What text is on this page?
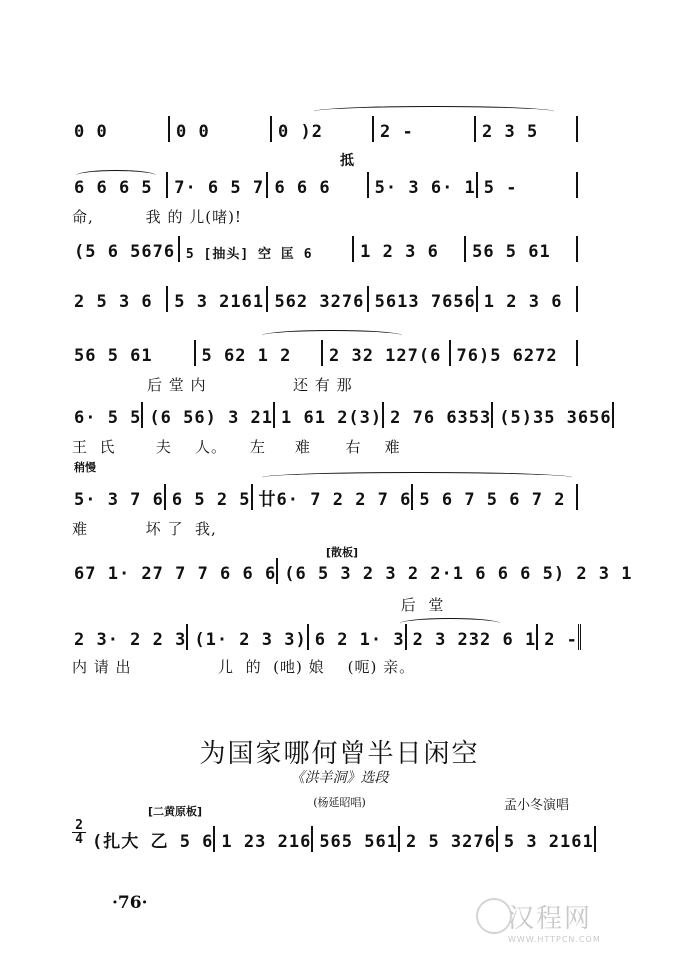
0 0	0 0	0 )2	2 -	2 3 5
抵
6 6 6 5	7· 6 5 7 6 6 6	5· 3 6· 1 5 -
命,         我 的 儿(啫)!
(5 6 5676 5 [抽头] 空 匡 6	1 2 3 6	56 5 61
2 5 3 6	5 3 2161 562 3276 5613 7656 1 2 3 6
56 5 61	5 62 1 2	2 32 127(6 76)5 6272
后 堂 内               还 有 那
6· 5 5 (6 56) 3 21 1 61 2(3) 2 76 6353 (5)35 3656
王  氏       夫    人。    左     难      右    难
稍慢
5· 3 7 6 6 5 2 5 廿6· 7 2 2 7 6 5 6 7 5 6 7 2
难          坏 了  我,
[散板]
67 1· 27 7 7 6 6 6 (6 5 3 2 3 2 2·1 6 6 6 5) 2 3 1
后  堂
2 3· 2 2 3 (1· 2 3 3) 6 2 1· 3 2 3 232 6 1 2 -
内 请 出               儿  的  (吔) 娘    (呃) 亲。
为国家哪何曾半日闲空
《洪羊洞》选段
(杨延昭唱)	孟小冬演唱
[二黄原板]
2
4 (扎大 乙 5 6 1 23 216 565 561 2 5 3276 5 3 2161
·76·
汉程网
WWW.HTTPCN.COM
